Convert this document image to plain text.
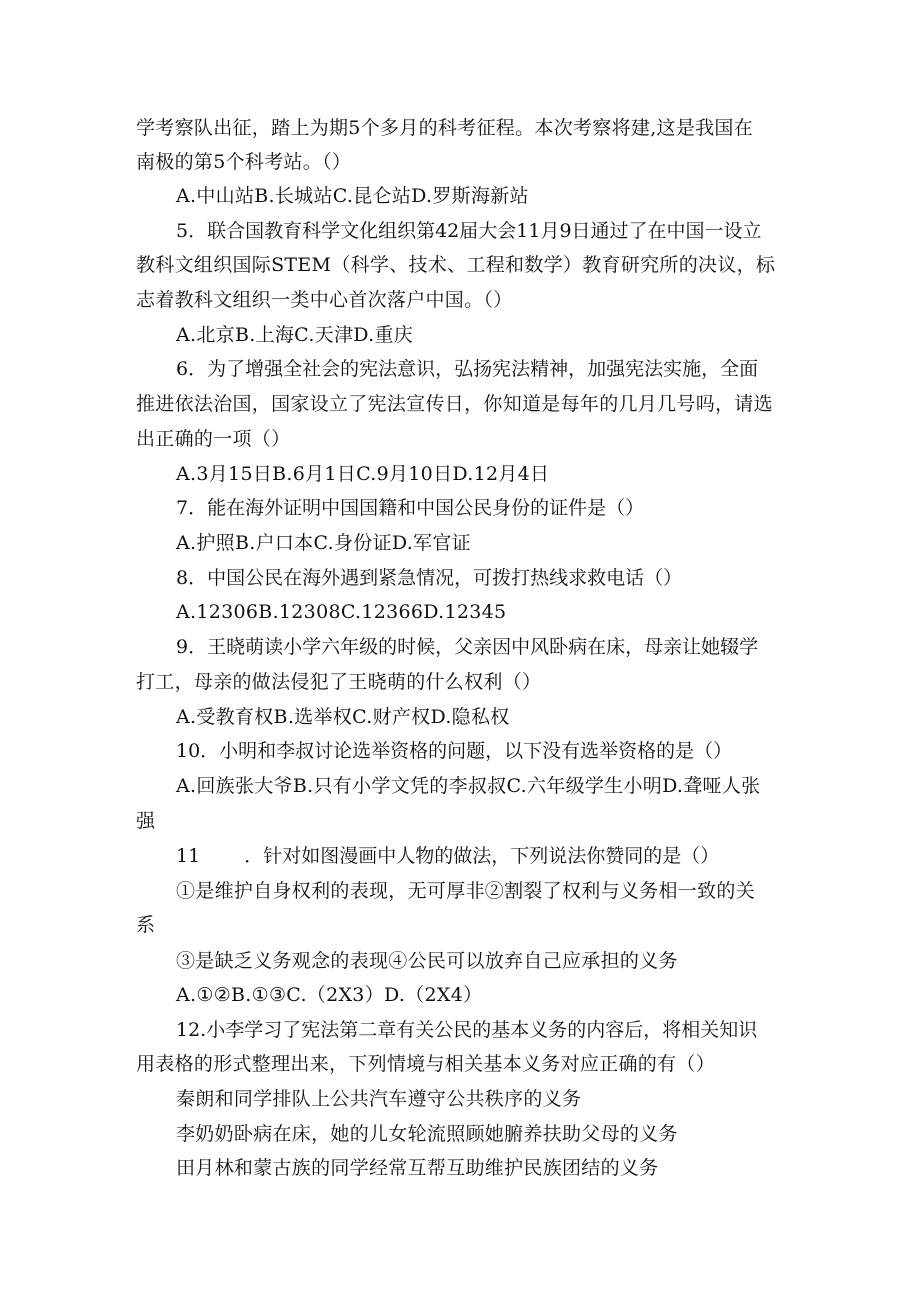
学考察队出征，踏上为期5个多月的科考征程。本次考察将建,这是我国在
南极的第5个科考站。（）
A.中山站B.长城站C.昆仑站D.罗斯海新站
5．联合国教育科学文化组织第42届大会11月9日通过了在中国一设立
教科文组织国际STEM（科学、技术、工程和数学）教育研究所的决议，标
志着教科文组织一类中心首次落户中国。（）
A.北京B.上海C.天津D.重庆
6．为了增强全社会的宪法意识，弘扬宪法精神，加强宪法实施，全面
推进依法治国，国家设立了宪法宣传日，你知道是每年的几月几号吗，请选
出正确的一项（）
A.3月15日B.6月1日C.9月10日D.12月4日
7．能在海外证明中国国籍和中国公民身份的证件是（）
A.护照B.户口本C.身份证D.军官证
8．中国公民在海外遇到紧急情况，可拨打热线求救电话（）
A.12306B.12308C.12366D.12345
9．王晓萌读小学六年级的时候，父亲因中风卧病在床，母亲让她辍学
打工，母亲的做法侵犯了王晓萌的什么权利（）
A.受教育权B.选举权C.财产权D.隐私权
10．小明和李叔讨论选举资格的问题，以下没有选举资格的是（）
A.回族张大爷B.只有小学文凭的李叔叔C.六年级学生小明D.聋哑人张
强
11 ．针对如图漫画中人物的做法，下列说法你赞同的是（）
①是维护自身权利的表现，无可厚非②割裂了权利与义务相一致的关
系
③是缺乏义务观念的表现④公民可以放弃自己应承担的义务
A.①②B.①③C.（2X3）D.（2X4）
12.小李学习了宪法第二章有关公民的基本义务的内容后，将相关知识
用表格的形式整理出来，下列情境与相关基本义务对应正确的有（）
秦朗和同学排队上公共汽车遵守公共秩序的义务
李奶奶卧病在床，她的儿女轮流照顾她腑养扶助父母的义务
田月林和蒙古族的同学经常互帮互助维护民族团结的义务
